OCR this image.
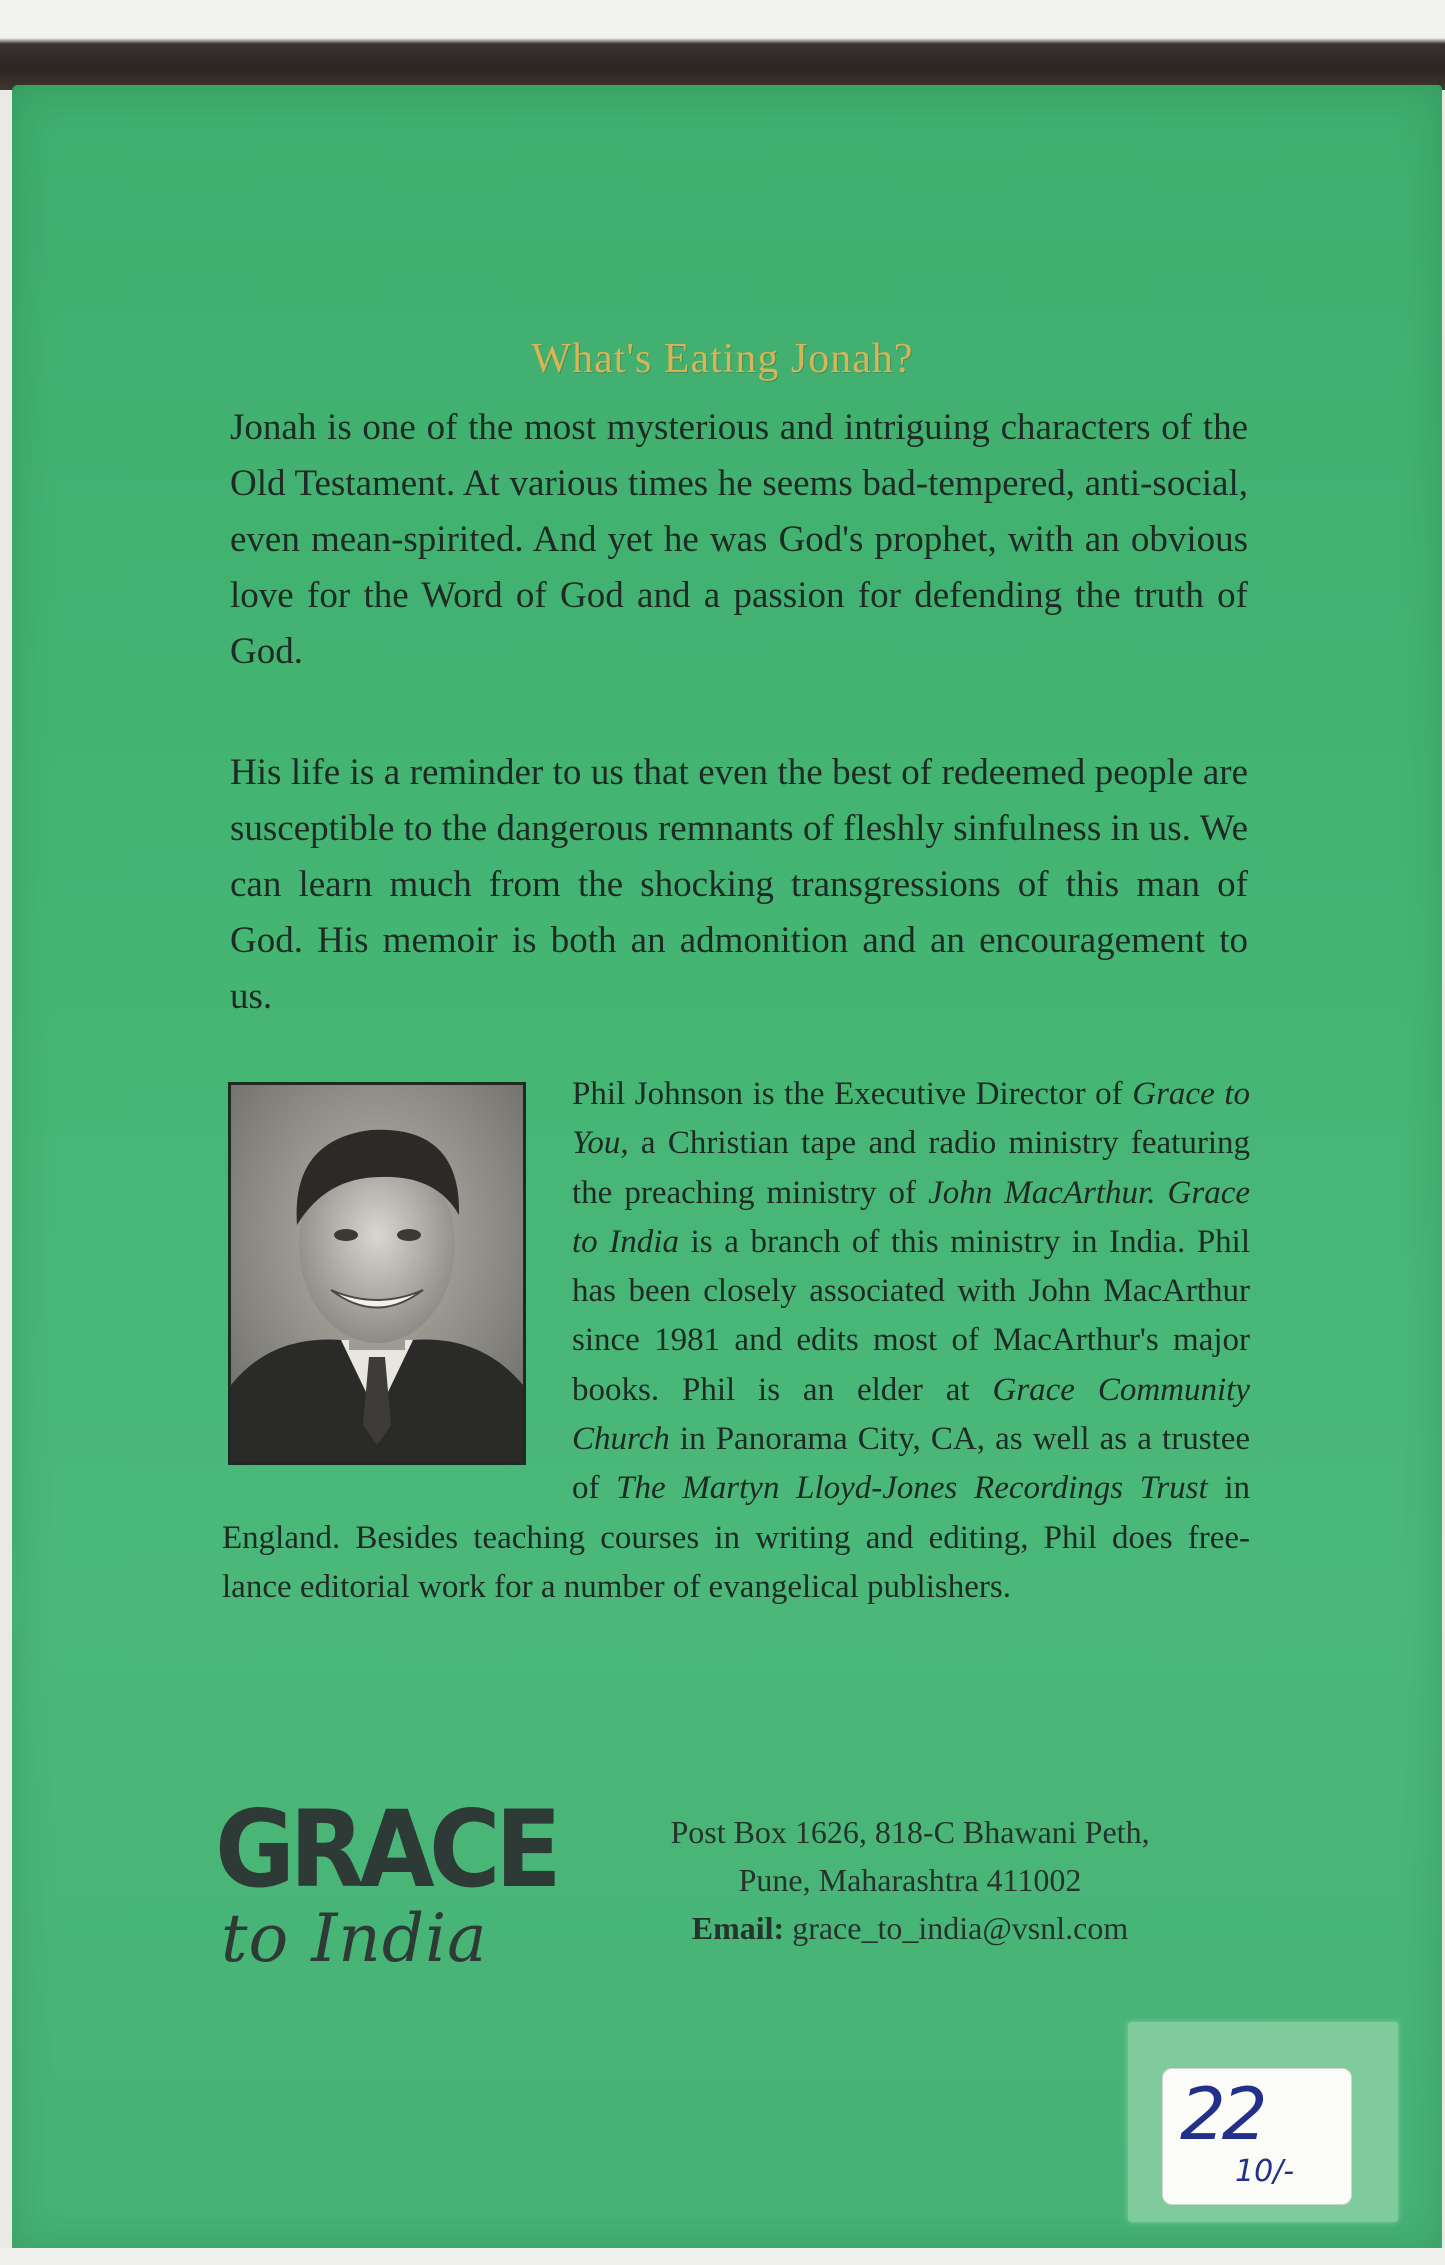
What's Eating Jonah?

Jonah is one of the most mysterious and intriguing characters of the Old Testament. At various times he seems bad-tempered, anti-social, even mean-spirited. And yet he was God's prophet, with an obvious love for the Word of God and a passion for defending the truth of God.

His life is a reminder to us that even the best of redeemed people are susceptible to the dangerous remnants of fleshly sinfulness in us. We can learn much from the shocking transgressions of this man of God. His memoir is both an admonition and an encouragement to us.

Phil Johnson is the Executive Director of Grace to You, a Christian tape and radio ministry featuring the preaching ministry of John MacArthur. Grace to India is a branch of this ministry in India. Phil has been closely associated with John MacArthur since 1981 and edits most of MacArthur's major books. Phil is an elder at Grace Community Church in Panorama City, CA, as well as a trustee of The Martyn Lloyd-Jones Recordings Trust in England. Besides teaching courses in writing and editing, Phil does free-lance editorial work for a number of evangelical publishers.

GRACE
to India
Post Box 1626, 818-C Bhawani Peth,
Pune, Maharashtra 411002
Email: grace_to_india@vsnl.com
22
10/-
